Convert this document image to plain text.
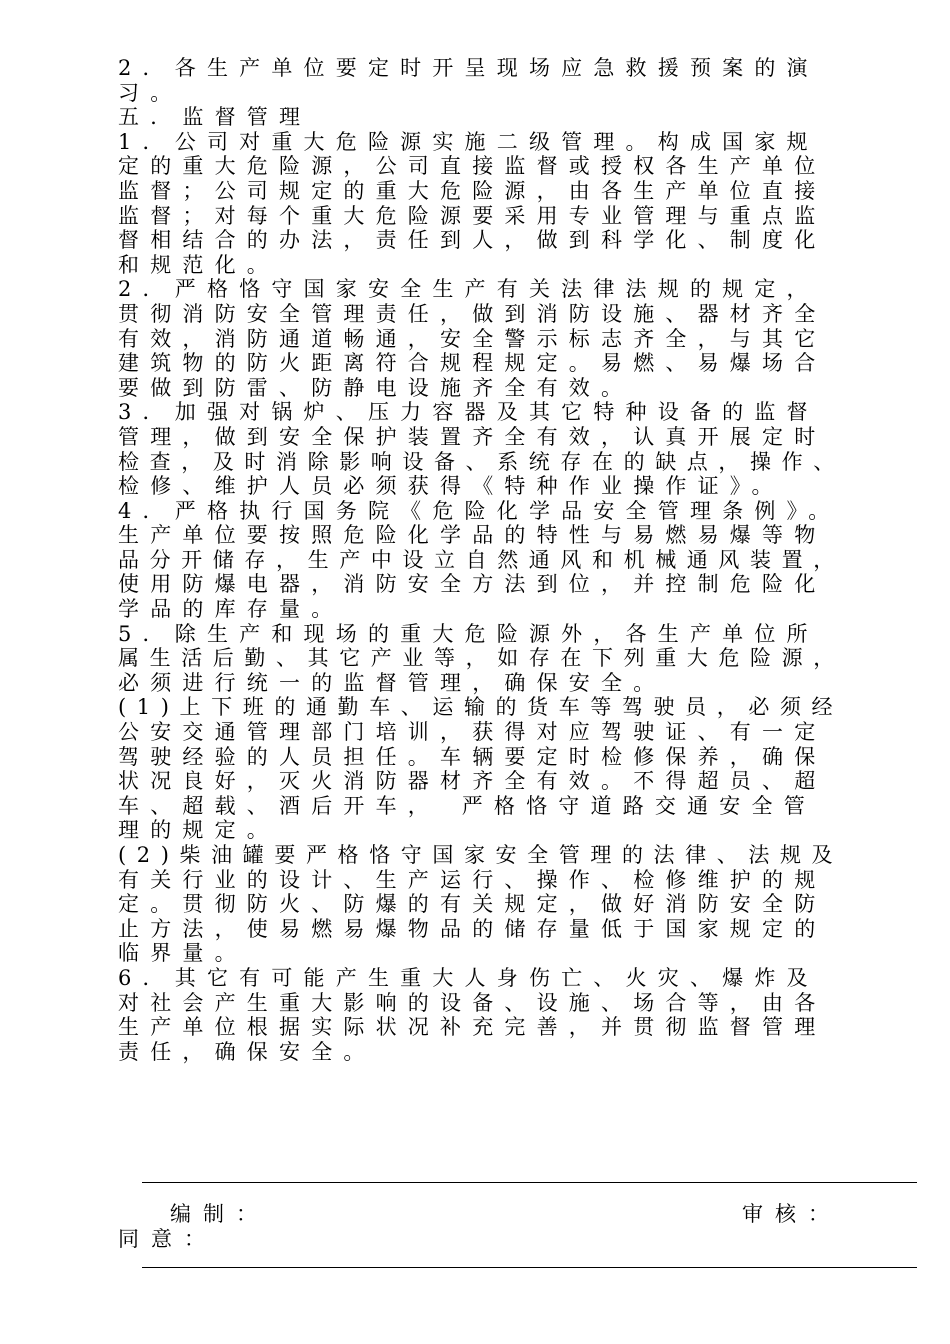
2．各生产单位要定时开呈现场应急救援预案的演

习。

五．监督管理

1．公司对重大危险源实施二级管理。构成国家规

定的重大危险源，公司直接监督或授权各生产单位

监督；公司规定的重大危险源，由各生产单位直接

监督；对每个重大危险源要采用专业管理与重点监

督相结合的办法，责任到人，做到科学化、制度化

和规范化。

2．严格恪守国家安全生产有关法律法规的规定，

贯彻消防安全管理责任，做到消防设施、器材齐全

有效，消防通道畅通，安全警示标志齐全，与其它

建筑物的防火距离符合规程规定。易燃、易爆场合

要做到防雷、防静电设施齐全有效。

3．加强对锅炉、压力容器及其它特种设备的监督

管理，做到安全保护装置齐全有效，认真开展定时

检查，及时消除影响设备、系统存在的缺点，操作、

检修、维护人员必须获得《特种作业操作证》。

4．严格执行国务院《危险化学品安全管理条例》。

生产单位要按照危险化学品的特性与易燃易爆等物

品分开储存，生产中设立自然通风和机械通风装置，

使用防爆电器，消防安全方法到位，并控制危险化

学品的库存量。

5．除生产和现场的重大危险源外，各生产单位所

属生活后勤、其它产业等，如存在下列重大危险源，

必须进行统一的监督管理，确保安全。

(1)上下班的通勤车、运输的货车等驾驶员，必须经

公安交通管理部门培训，获得对应驾驶证、有一定

驾驶经验的人员担任。车辆要定时检修保养，确保

状况良好，灭火消防器材齐全有效。不得超员、超

车、超载、酒后开车，　严格恪守道路交通安全管

理的规定。

(2)柴油罐要严格恪守国家安全管理的法律、法规及

有关行业的设计、生产运行、操作、检修维护的规

定。贯彻防火、防爆的有关规定，做好消防安全防

止方法，使易燃易爆物品的储存量低于国家规定的

临界量。

6．其它有可能产生重大人身伤亡、火灾、爆炸及

对社会产生重大影响的设备、设施、场合等，由各

生产单位根据实际状况补充完善，并贯彻监督管理

责任，确保安全。

编制：	审核：
同意：
